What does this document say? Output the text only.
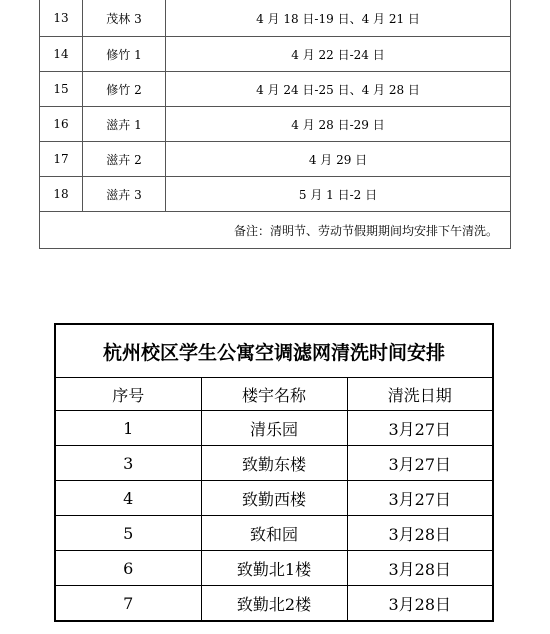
13	茂林 3	4 月 18 日-19 日、4 月 21 日
14	修竹 1	4 月 22 日-24 日
15	修竹 2	4 月 24 日-25 日、4 月 28 日
16	滋卉 1	4 月 28 日-29 日
17	滋卉 2	4 月 29 日
18	滋卉 3	5 月 1 日-2 日
备注：清明节、劳动节假期期间均安排下午清洗。		
杭州校区学生公寓空调滤网清洗时间安排		
序号	楼宇名称	清洗日期
1	清乐园	3月27日
3	致勤东楼	3月27日
4	致勤西楼	3月27日
5	致和园	3月28日
6	致勤北1楼	3月28日
7	致勤北2楼	3月28日
